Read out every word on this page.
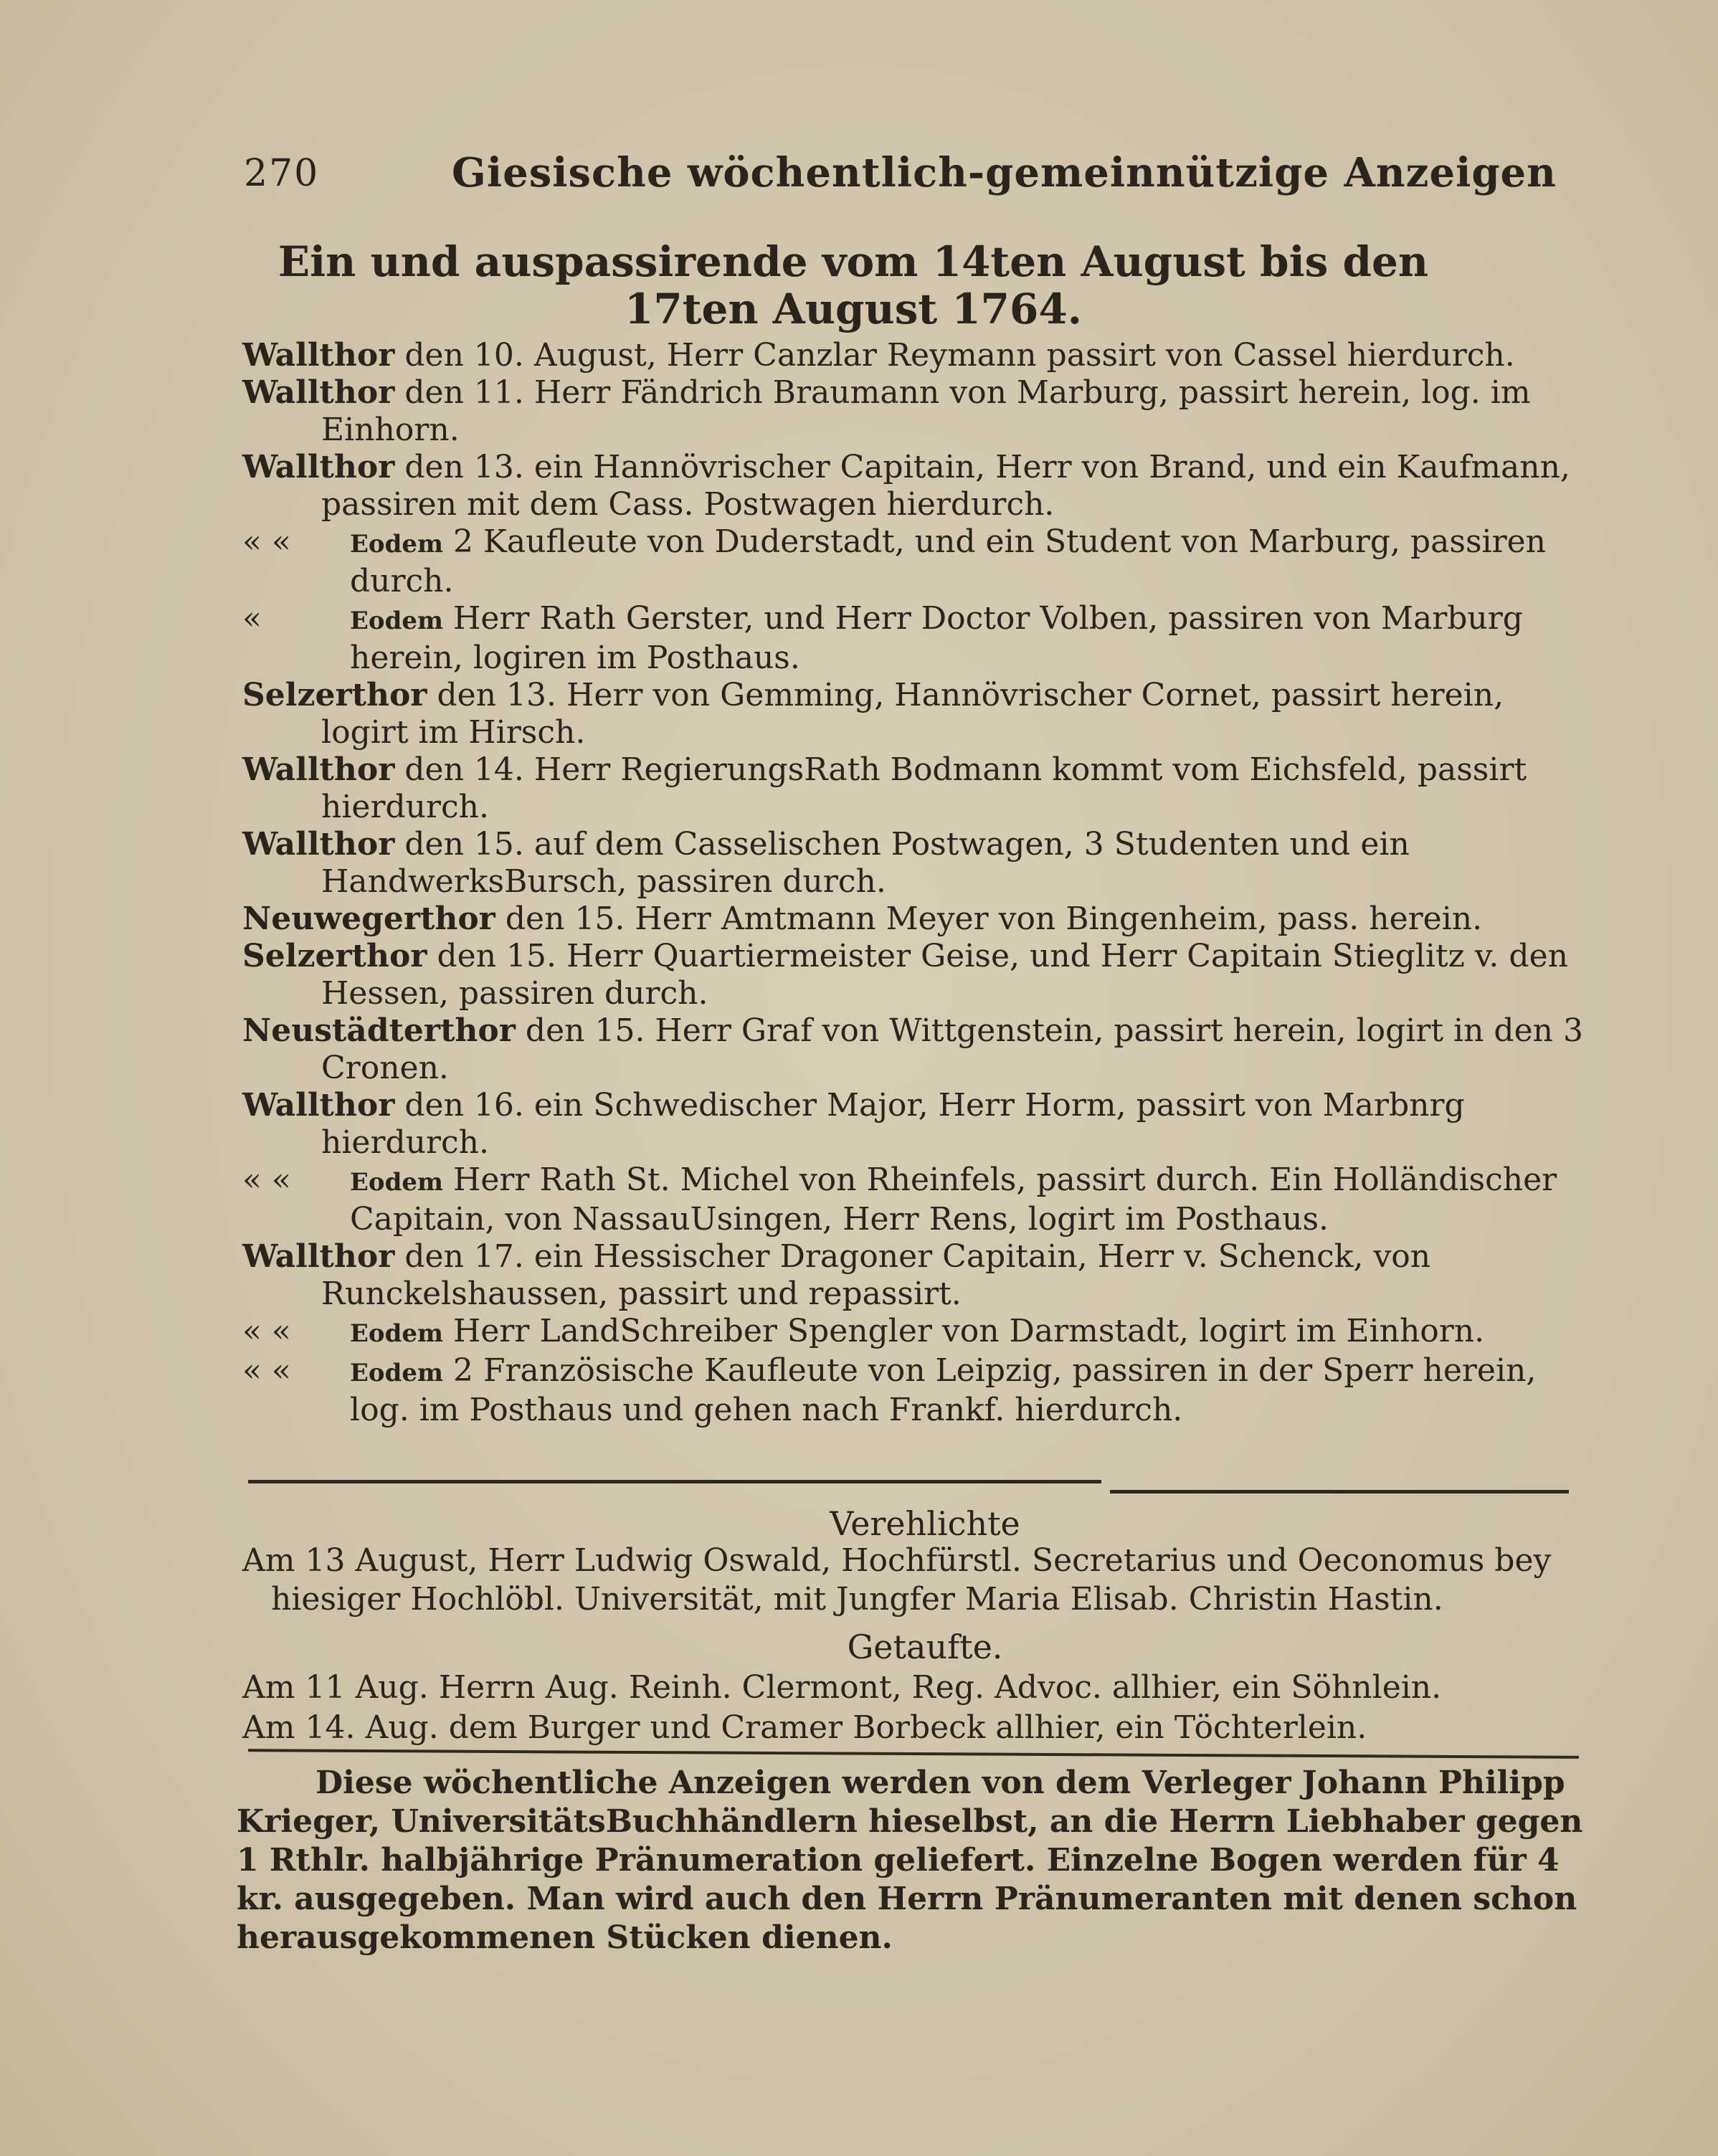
270	Giesische wöchentlich-gemeinnützige Anzeigen
Ein und auspassirende vom 14ten August bis den 17ten August 1764.

Wallthor den 10. August, Herr Canzlar Reymann passirt von Cassel hierdurch.

Wallthor den 11. Herr Fändrich Braumann von Marburg, passirt herein, log. im Einhorn.

Wallthor den 13. ein Hannövrischer Capitain, Herr von Brand, und ein Kaufmann, passiren mit dem Cass. Postwagen hierdurch.

« «	Eodem 2 Kaufleute von Duderstadt, und ein Student von Marburg, passiren durch.

«	Eodem Herr Rath Gerster, und Herr Doctor Volben, passiren von Marburg herein, logiren im Posthaus.

Selzerthor den 13. Herr von Gemming, Hannövrischer Cornet, passirt herein, logirt im Hirsch.

Wallthor den 14. Herr RegierungsRath Bodmann kommt vom Eichsfeld, passirt hierdurch.

Wallthor den 15. auf dem Casselischen Postwagen, 3 Studenten und ein HandwerksBursch, passiren durch.

Neuwegerthor den 15. Herr Amtmann Meyer von Bingenheim, pass. herein.

Selzerthor den 15. Herr Quartiermeister Geise, und Herr Capitain Stieglitz v. den Hessen, passiren durch.

Neustädterthor den 15. Herr Graf von Wittgenstein, passirt herein, logirt in den 3 Cronen.

Wallthor den 16. ein Schwedischer Major, Herr Horm, passirt von Marbnrg hierdurch.

« «	Eodem Herr Rath St. Michel von Rheinfels, passirt durch. Ein Holländischer Capitain, von NassauUsingen, Herr Rens, logirt im Posthaus.

Wallthor den 17. ein Hessischer Dragoner Capitain, Herr v. Schenck, von Runckelshaussen, passirt und repassirt.

« «	Eodem Herr LandSchreiber Spengler von Darmstadt, logirt im Einhorn.

« «	Eodem 2 Französische Kaufleute von Leipzig, passiren in der Sperr herein, log. im Posthaus und gehen nach Frankf. hierdurch.

Verehlichte

Am 13 August, Herr Ludwig Oswald, Hochfürstl. Secretarius und Oeconomus bey hiesiger Hochlöbl. Universität, mit Jungfer Maria Elisab. Christin Hastin.

Getaufte.

Am 11 Aug. Herrn Aug. Reinh. Clermont, Reg. Advoc. allhier, ein Söhnlein.

Am 14. Aug. dem Burger und Cramer Borbeck allhier, ein Töchterlein.

Diese wöchentliche Anzeigen werden von dem Verleger Johann Philipp Krieger, UniversitätsBuchhändlern hieselbst, an die Herrn Liebhaber gegen 1 Rthlr. halbjährige Pränumeration geliefert. Einzelne Bogen werden für 4 kr. ausgegeben. Man wird auch den Herrn Pränumeranten mit denen schon herausgekommenen Stücken dienen.
